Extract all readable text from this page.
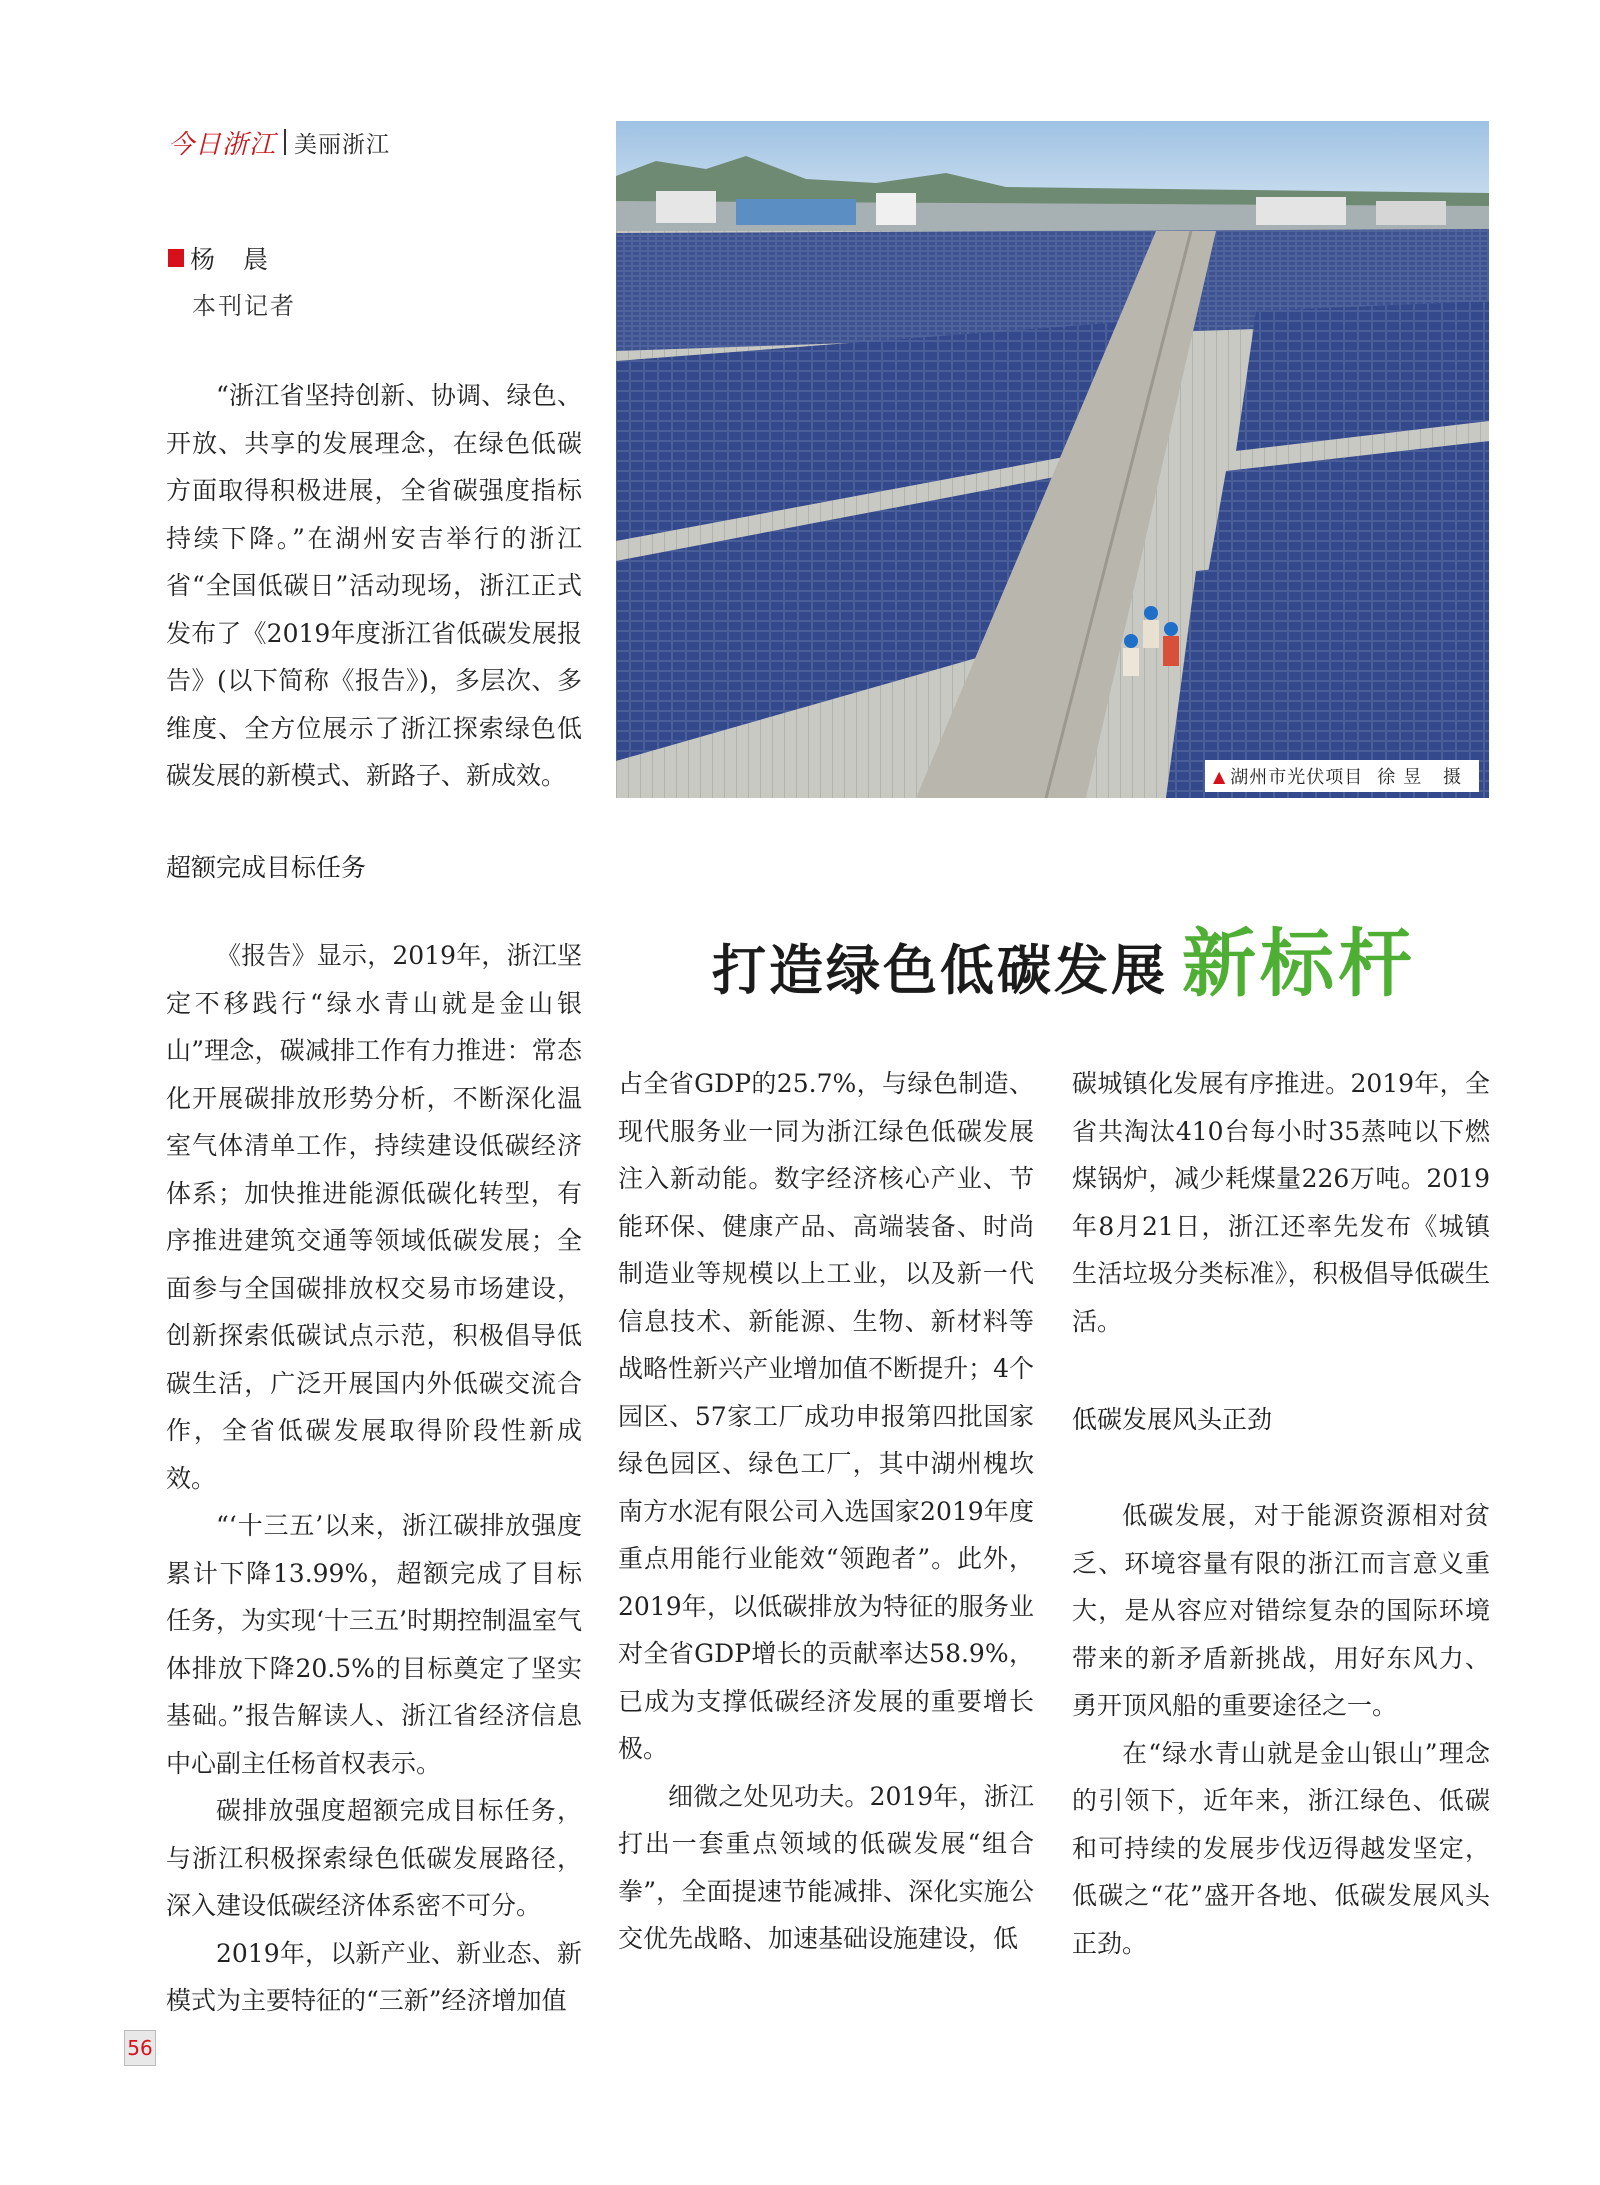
今日浙江 美丽浙江
杨 晨
本刊记者

“浙江省坚持创新、协调、绿色、开放、共享的发展理念，在绿色低碳方面取得积极进展，全省碳强度指标持续下降。”在湖州安吉举行的浙江省“全国低碳日”活动现场，浙江正式发布了《2019年度浙江省低碳发展报告》(以下简称《报告》)，多层次、多维度、全方位展示了浙江探索绿色低碳发展的新模式、新路子、新成效。

超额完成目标任务

《报告》显示，2019年，浙江坚定不移践行“绿水青山就是金山银山”理念，碳减排工作有力推进：常态化开展碳排放形势分析，不断深化温室气体清单工作，持续建设低碳经济体系；加快推进能源低碳化转型，有序推进建筑交通等领域低碳发展；全面参与全国碳排放权交易市场建设，创新探索低碳试点示范，积极倡导低碳生活，广泛开展国内外低碳交流合作，全省低碳发展取得阶段性新成效。

“‘十三五’以来，浙江碳排放强度累计下降13.99%，超额完成了目标任务，为实现‘十三五’时期控制温室气体排放下降20.5%的目标奠定了坚实基础。”报告解读人、浙江省经济信息中心副主任杨首权表示。

碳排放强度超额完成目标任务，与浙江积极探索绿色低碳发展路径，深入建设低碳经济体系密不可分。

2019年，以新产业、新业态、新模式为主要特征的“三新”经济增加值

▲ 湖州市光伏项目 徐昱 摄
打造绿色低碳发展 新标杆

占全省GDP的25.7%，与绿色制造、现代服务业一同为浙江绿色低碳发展注入新动能。数字经济核心产业、节能环保、健康产品、高端装备、时尚制造业等规模以上工业，以及新一代信息技术、新能源、生物、新材料等战略性新兴产业增加值不断提升；4个园区、57家工厂成功申报第四批国家绿色园区、绿色工厂，其中湖州槐坎南方水泥有限公司入选国家2019年度重点用能行业能效“领跑者”。此外，2019年，以低碳排放为特征的服务业对全省GDP增长的贡献率达58.9%，已成为支撑低碳经济发展的重要增长极。

细微之处见功夫。2019年，浙江打出一套重点领域的低碳发展“组合拳”，全面提速节能减排、深化实施公交优先战略、加速基础设施建设，低

碳城镇化发展有序推进。2019年，全省共淘汰410台每小时35蒸吨以下燃煤锅炉，减少耗煤量226万吨。2019年8月21日，浙江还率先发布《城镇生活垃圾分类标准》，积极倡导低碳生活。

低碳发展风头正劲

低碳发展，对于能源资源相对贫乏、环境容量有限的浙江而言意义重大，是从容应对错综复杂的国际环境带来的新矛盾新挑战，用好东风力、勇开顶风船的重要途径之一。

在“绿水青山就是金山银山”理念的引领下，近年来，浙江绿色、低碳和可持续的发展步伐迈得越发坚定，低碳之“花”盛开各地、低碳发展风头正劲。

56
